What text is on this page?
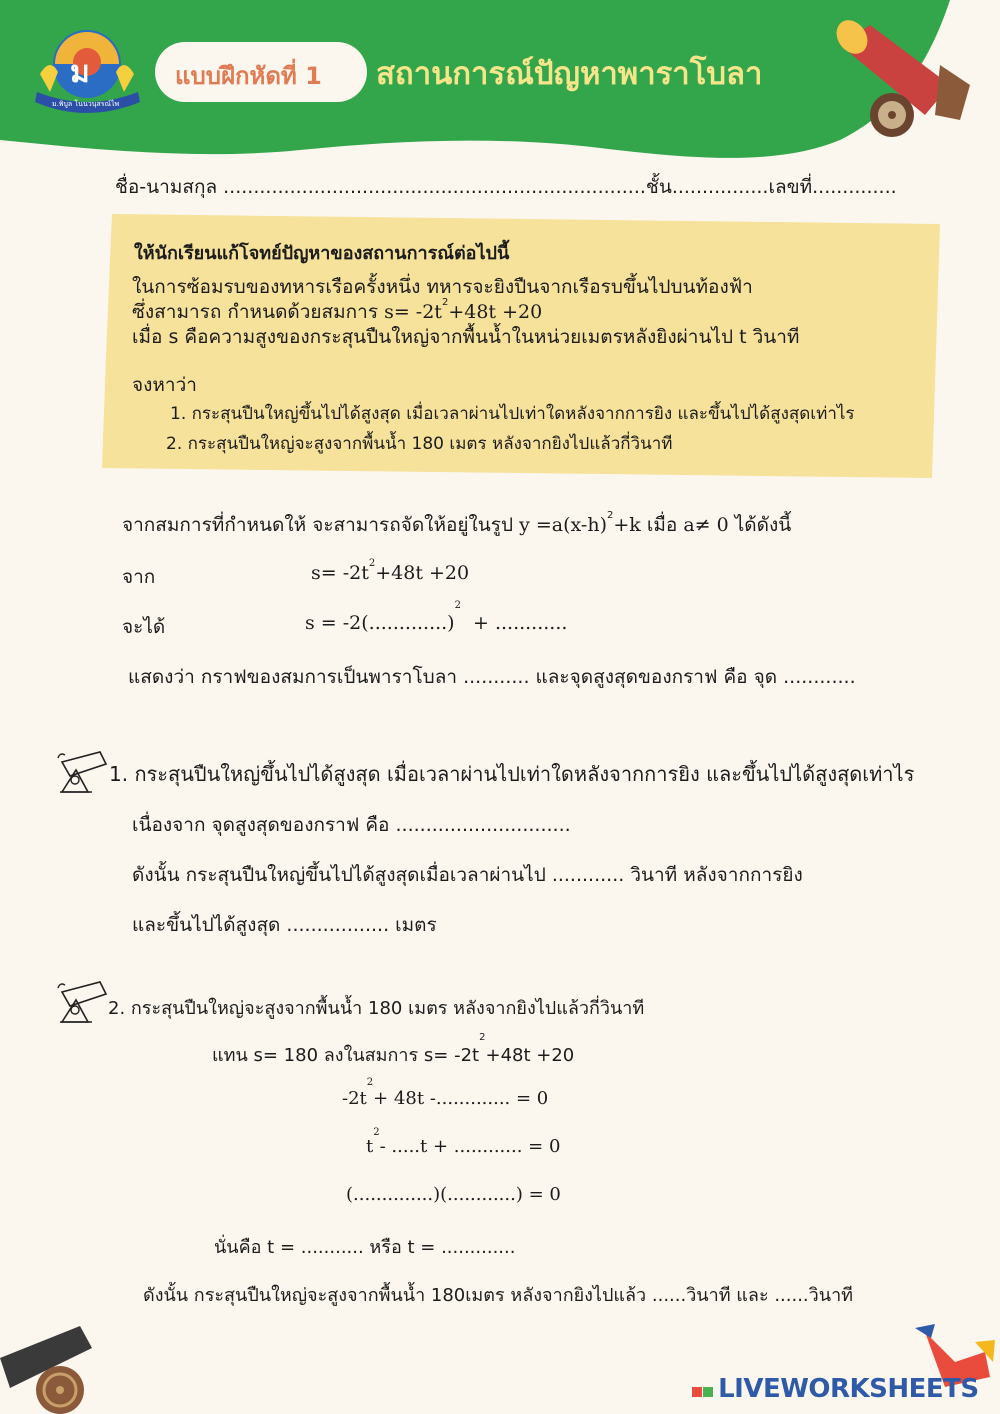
ม
ม.พิบูล โนนวนุสรณ์ไพ
แบบฝึกหัดที่ 1 สถานการณ์ปัญหาพาราโบลา
ชื่อ-นามสกุล ......................................................................ชั้น................เลขที่..............
ให้นักเรียนแก้โจทย์ปัญหาของสถานการณ์ต่อไปนี้
ในการซ้อมรบของทหารเรือครั้งหนึ่ง ทหารจะยิงปืนจากเรือรบขึ้นไปบนท้องฟ้า
ซึ่งสามารถ กำหนดด้วยสมการ $s= -2t^2+48t +20$
เมื่อ s คือความสูงของกระสุนปืนใหญ่จากพื้นน้ำในหน่วยเมตรหลังยิงผ่านไป t วินาที
จงหาว่า
1. กระสุนปืนใหญ่ขึ้นไปได้สูงสุด เมื่อเวลาผ่านไปเท่าใดหลังจากการยิง และขึ้นไปได้สูงสุดเท่าไร
2. กระสุนปืนใหญ่จะสูงจากพื้นน้ำ 180 เมตร หลังจากยิงไปแล้วกี่วินาที
จากสมการที่กำหนดให้ จะสามารถจัดให้อยู่ในรูป $y =a(x-h)^2+k$ เมื่อ a≠ 0 ได้ดังนี้
จาก	$s= -2t^2+48t +20$
จะได้	s = -2(.............)$^2$+ ............
แสดงว่า กราฟของสมการเป็นพาราโบลา ........... และจุดสูงสุดของกราฟ คือ จุด ............
1. กระสุนปืนใหญ่ขึ้นไปได้สูงสุด เมื่อเวลาผ่านไปเท่าใดหลังจากการยิง และขึ้นไปได้สูงสุดเท่าไร
เนื่องจาก จุดสูงสุดของกราฟ คือ .............................
ดังนั้น กระสุนปืนใหญ่ขึ้นไปได้สูงสุดเมื่อเวลาผ่านไป ............ วินาที หลังจากการยิง
และขึ้นไปได้สูงสุด ................. เมตร
2. กระสุนปืนใหญ่จะสูงจากพื้นน้ำ 180 เมตร หลังจากยิงไปแล้วกี่วินาที
แทน s= 180 ลงในสมการ $s= -2t^2+48t +20$
$-2t^2+ 48t$ -............. = 0
$t^2-$ .....t + ............ = 0
(..............)(............) = 0
นั่นคือ t = ........... หรือ t = .............
ดังนั้น กระสุนปืนใหญ่จะสูงจากพื้นน้ำ 180เมตร หลังจากยิงไปแล้ว ......วินาที และ ......วินาที
LIVEWORKSHEETS
